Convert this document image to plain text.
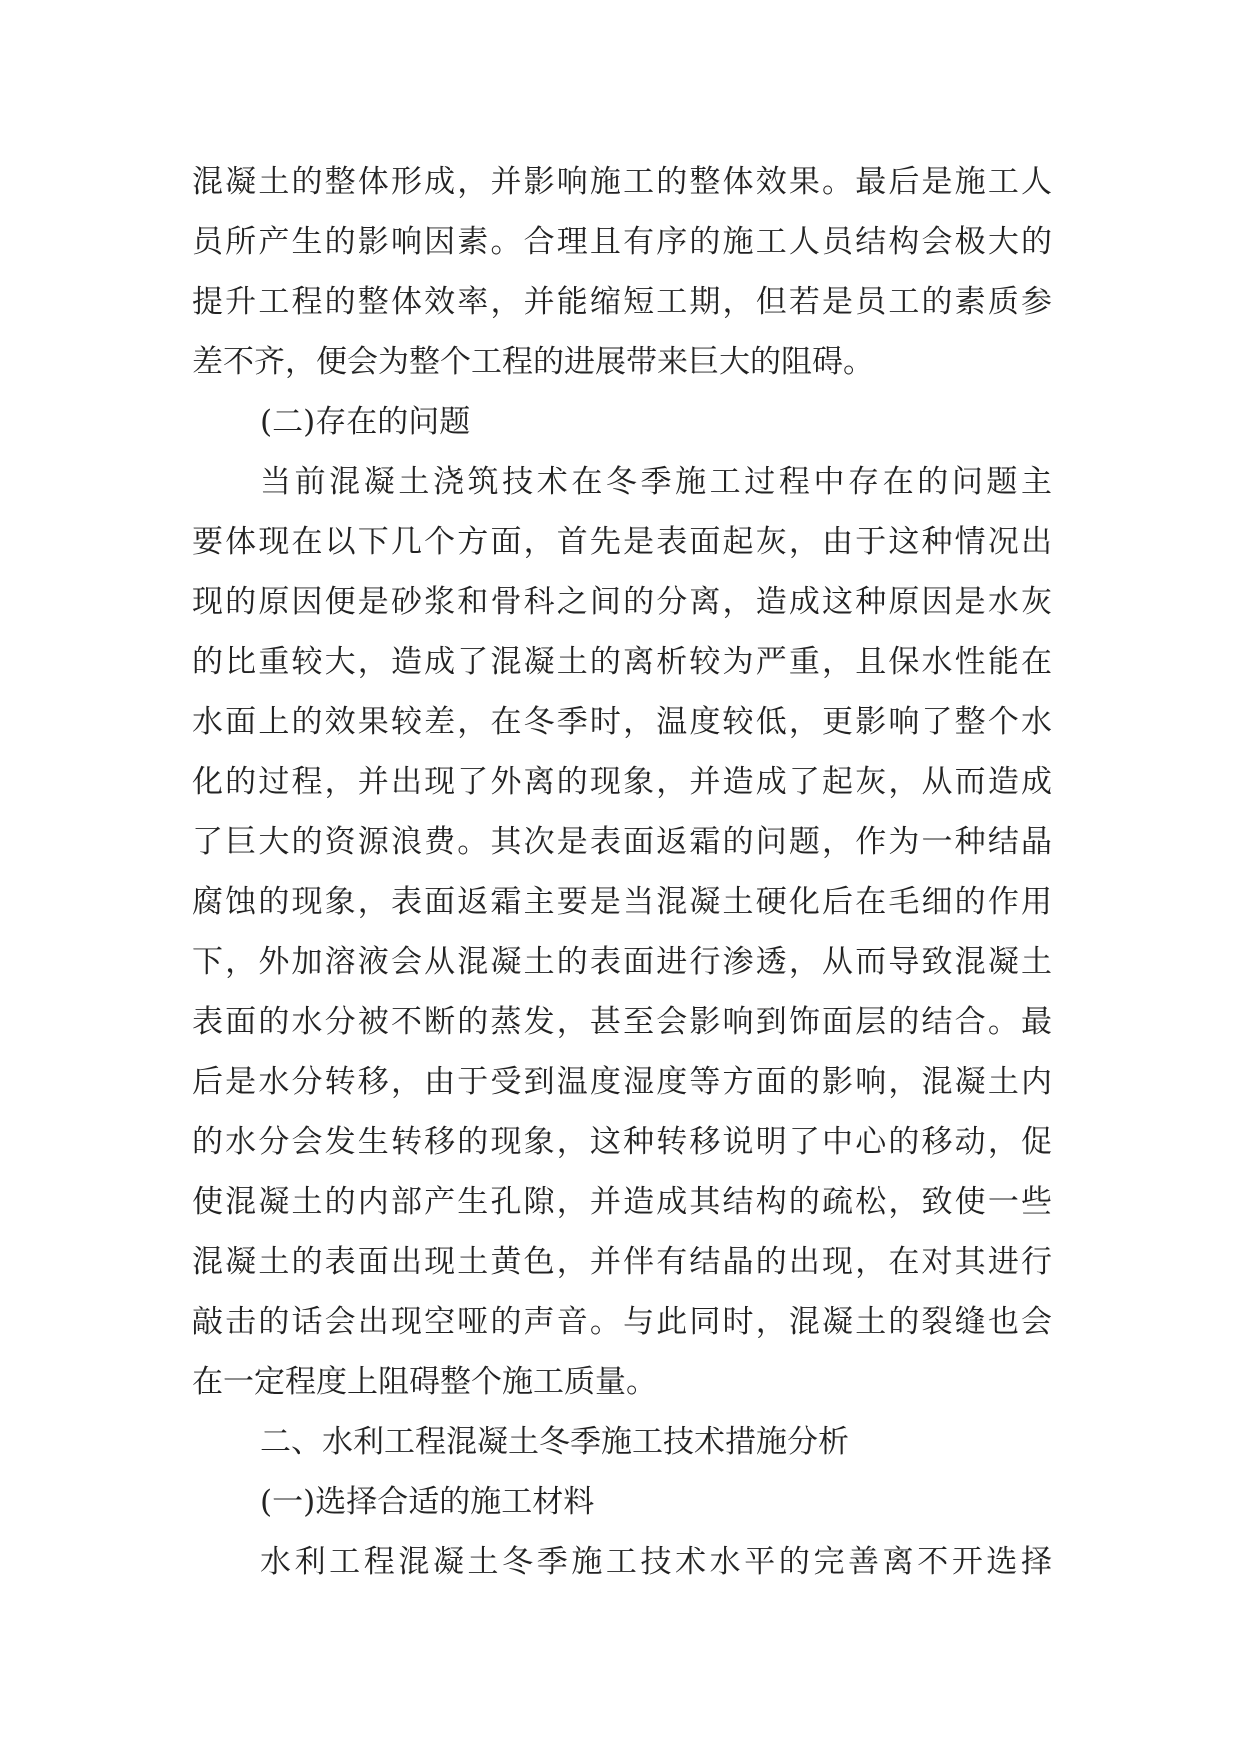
混凝土的整体形成，并影响施工的整体效果。最后是施工人
员所产生的影响因素。合理且有序的施工人员结构会极大的
提升工程的整体效率，并能缩短工期，但若是员工的素质参
差不齐，便会为整个工程的进展带来巨大的阻碍。
(二)存在的问题
当前混凝土浇筑技术在冬季施工过程中存在的问题主
要体现在以下几个方面，首先是表面起灰，由于这种情况出
现的原因便是砂浆和骨科之间的分离，造成这种原因是水灰
的比重较大，造成了混凝土的离析较为严重，且保水性能在
水面上的效果较差，在冬季时，温度较低，更影响了整个水
化的过程，并出现了外离的现象，并造成了起灰，从而造成
了巨大的资源浪费。其次是表面返霜的问题，作为一种结晶
腐蚀的现象，表面返霜主要是当混凝土硬化后在毛细的作用
下，外加溶液会从混凝土的表面进行渗透，从而导致混凝土
表面的水分被不断的蒸发，甚至会影响到饰面层的结合。最
后是水分转移，由于受到温度湿度等方面的影响，混凝土内
的水分会发生转移的现象，这种转移说明了中心的移动，促
使混凝土的内部产生孔隙，并造成其结构的疏松，致使一些
混凝土的表面出现土黄色，并伴有结晶的出现，在对其进行
敲击的话会出现空哑的声音。与此同时，混凝土的裂缝也会
在一定程度上阻碍整个施工质量。
二、水利工程混凝土冬季施工技术措施分析
(一)选择合适的施工材料
水利工程混凝土冬季施工技术水平的完善离不开选择
